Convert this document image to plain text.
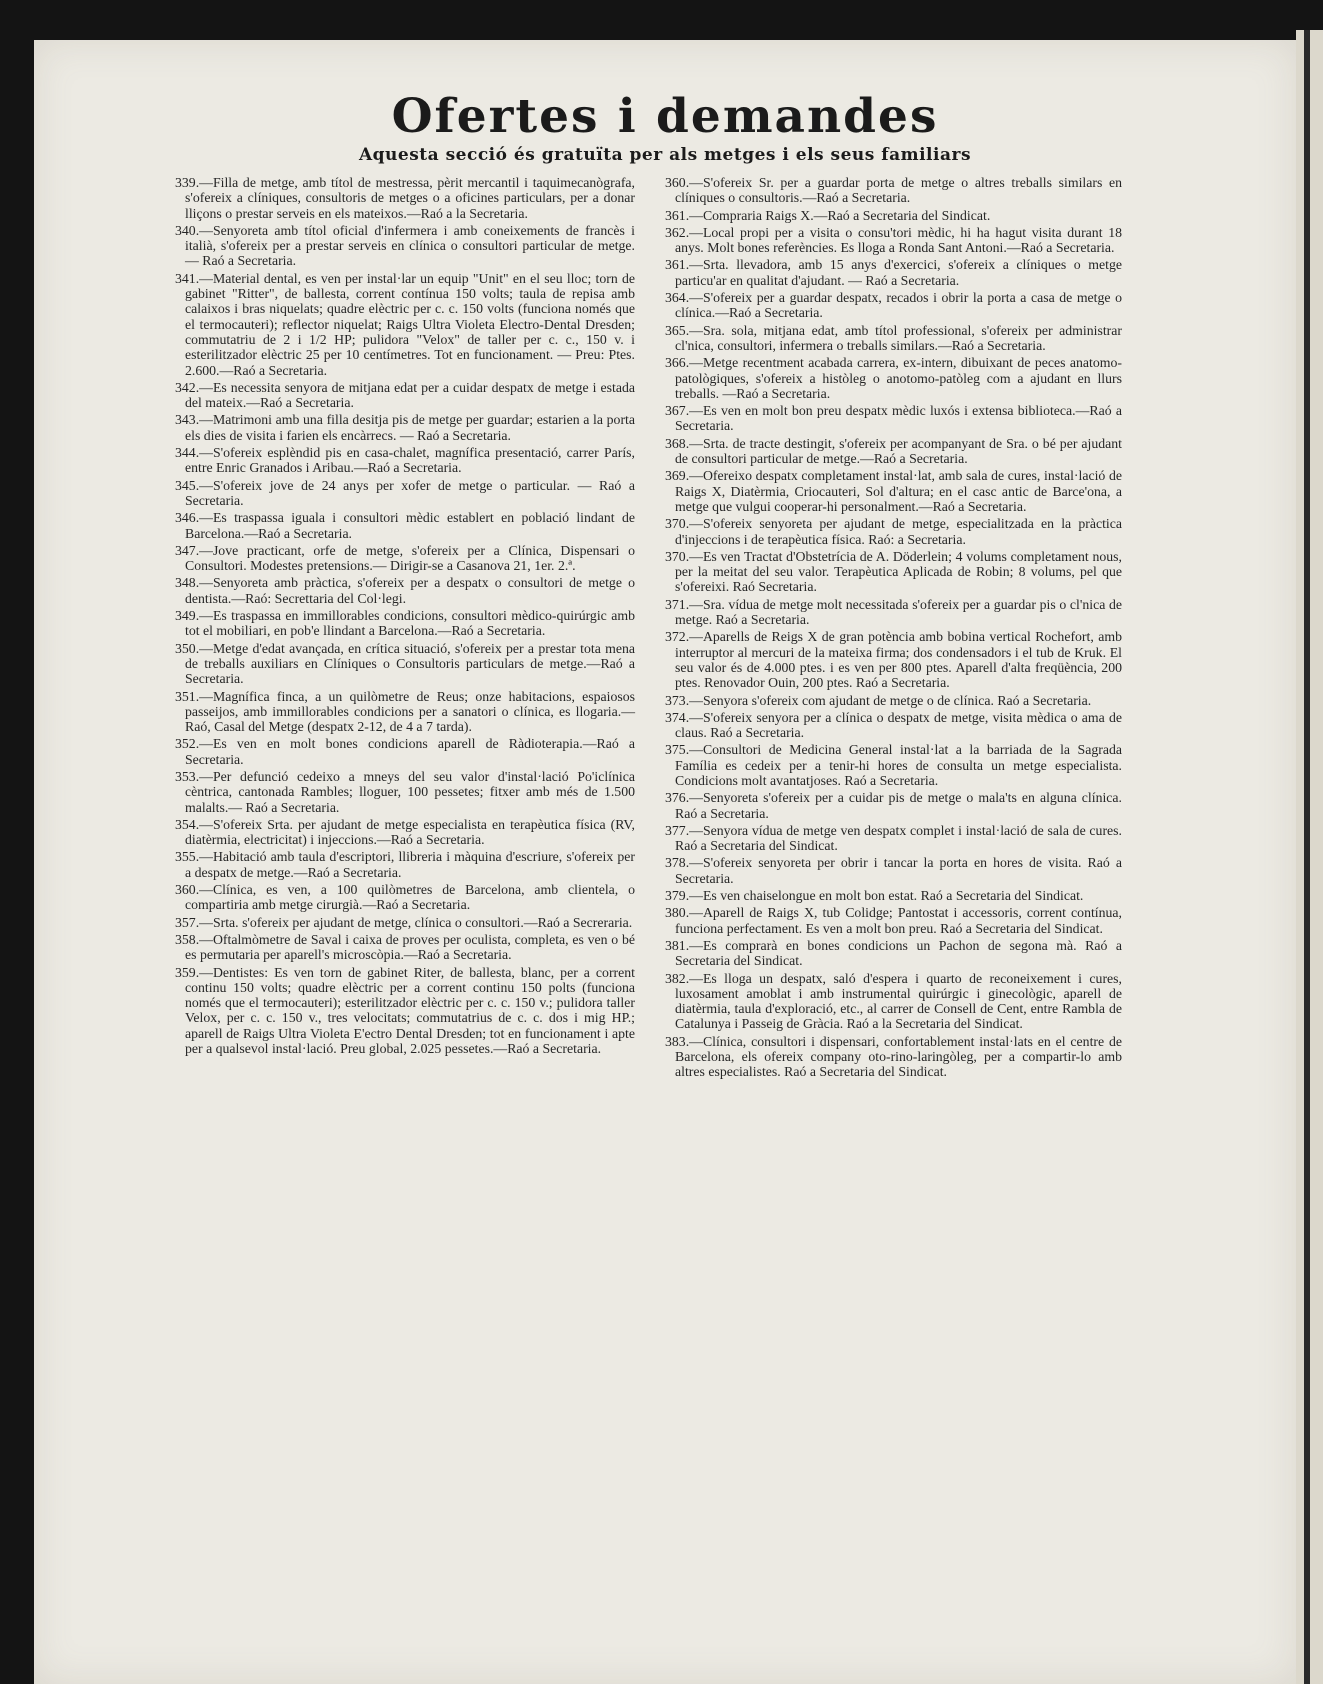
Ofertes i demandes
Aquesta secció és gratuïta per als metges i els seus familiars

339.—Filla de metge, amb títol de mestressa, pèrit mercantil i taquimecanògrafa, s'ofereix a clíniques, consultoris de metges o a oficines particulars, per a donar lliçons o prestar serveis en els mateixos.—Raó a la Secretaria.

340.—Senyoreta amb títol oficial d'infermera i amb coneixements de francès i italià, s'ofereix per a prestar serveis en clínica o consultori particular de metge. — Raó a Secretaria.

341.—Material dental, es ven per instal·lar un equip "Unit" en el seu lloc; torn de gabinet "Ritter", de ballesta, corrent contínua 150 volts; taula de repisa amb calaixos i bras niquelats; quadre elèctric per c. c. 150 volts (funciona només que el termocauteri); reflector niquelat; Raigs Ultra Violeta Electro-Dental Dresden; commutatriu de 2 i 1/2 HP; pulidora "Velox" de taller per c. c., 150 v. i esterilitzador elèctric 25 per 10 centímetres. Tot en funcionament. — Preu: Ptes. 2.600.—Raó a Secretaria.

342.—Es necessita senyora de mitjana edat per a cuidar despatx de metge i estada del mateix.—Raó a Secretaria.

343.—Matrimoni amb una filla desitja pis de metge per guardar; estarien a la porta els dies de visita i farien els encàrrecs. — Raó a Secretaria.

344.—S'ofereix esplèndid pis en casa-chalet, magnífica presentació, carrer París, entre Enric Granados i Aribau.—Raó a Secretaria.

345.—S'ofereix jove de 24 anys per xofer de metge o particular. — Raó a Secretaria.

346.—Es traspassa iguala i consultori mèdic establert en població lindant de Barcelona.—Raó a Secretaria.

347.—Jove practicant, orfe de metge, s'ofereix per a Clínica, Dispensari o Consultori. Modestes pretensions.— Dirigir-se a Casanova 21, 1er. 2.ª.

348.—Senyoreta amb pràctica, s'ofereix per a despatx o consultori de metge o dentista.—Raó: Secrettaria del Col·legi.

349.—Es traspassa en immillorables condicions, consultori mèdico-quirúrgic amb tot el mobiliari, en pob'e llindant a Barcelona.—Raó a Secretaria.

350.—Metge d'edat avançada, en crítica situació, s'ofereix per a prestar tota mena de treballs auxiliars en Clíniques o Consultoris particulars de metge.—Raó a Secretaria.

351.—Magnífica finca, a un quilòmetre de Reus; onze habitacions, espaiosos passeijos, amb immillorables condicions per a sanatori o clínica, es llogaria.—Raó, Casal del Metge (despatx 2-12, de 4 a 7 tarda).

352.—Es ven en molt bones condicions aparell de Ràdioterapia.—Raó a Secretaria.

353.—Per defunció cedeixo a mneys del seu valor d'instal·lació Po'iclínica cèntrica, cantonada Rambles; lloguer, 100 pessetes; fitxer amb més de 1.500 malalts.— Raó a Secretaria.

354.—S'ofereix Srta. per ajudant de metge especialista en terapèutica física (RV, diatèrmia, electricitat) i injeccions.—Raó a Secretaria.

355.—Habitació amb taula d'escriptori, llibreria i màquina d'escriure, s'ofereix per a despatx de metge.—Raó a Secretaria.

360.—Clínica, es ven, a 100 quilòmetres de Barcelona, amb clientela, o compartiria amb metge cirurgià.—Raó a Secretaria.

357.—Srta. s'ofereix per ajudant de metge, clínica o consultori.—Raó a Secreraria.

358.—Oftalmòmetre de Saval i caixa de proves per oculista, completa, es ven o bé es permutaria per aparell's microscòpia.—Raó a Secretaria.

359.—Dentistes: Es ven torn de gabinet Riter, de ballesta, blanc, per a corrent continu 150 volts; quadre elèctric per a corrent continu 150 polts (funciona només que el termocauteri); esterilitzador elèctric per c. c. 150 v.; pulidora taller Velox, per c. c. 150 v., tres velocitats; commutatrius de c. c. dos i mig HP.; aparell de Raigs Ultra Violeta E'ectro Dental Dresden; tot en funcionament i apte per a qualsevol instal·lació. Preu global, 2.025 pessetes.—Raó a Secretaria.

360.—S'ofereix Sr. per a guardar porta de metge o altres treballs similars en clíniques o consultoris.—Raó a Secretaria.

361.—Compraria Raigs X.—Raó a Secretaria del Sindicat.

362.—Local propi per a visita o consu'tori mèdic, hi ha hagut visita durant 18 anys. Molt bones referències. Es lloga a Ronda Sant Antoni.—Raó a Secretaria.

361.—Srta. llevadora, amb 15 anys d'exercici, s'ofereix a clíniques o metge particu'ar en qualitat d'ajudant. — Raó a Secretaria.

364.—S'ofereix per a guardar despatx, recados i obrir la porta a casa de metge o clínica.—Raó a Secretaria.

365.—Sra. sola, mitjana edat, amb títol professional, s'ofereix per administrar cl'nica, consultori, infermera o treballs similars.—Raó a Secretaria.

366.—Metge recentment acabada carrera, ex-intern, dibuixant de peces anatomo-patològiques, s'ofereix a històleg o anotomo-patòleg com a ajudant en llurs treballs. —Raó a Secretaria.

367.—Es ven en molt bon preu despatx mèdic luxós i extensa biblioteca.—Raó a Secretaria.

368.—Srta. de tracte destingit, s'ofereix per acompanyant de Sra. o bé per ajudant de consultori particular de metge.—Raó a Secretaria.

369.—Ofereixo despatx completament instal·lat, amb sala de cures, instal·lació de Raigs X, Diatèrmia, Criocauteri, Sol d'altura; en el casc antic de Barce'ona, a metge que vulgui cooperar-hi personalment.—Raó a Secretaria.

370.—S'ofereix senyoreta per ajudant de metge, especialitzada en la pràctica d'injeccions i de terapèutica física. Raó: a Secretaria.

370.—Es ven Tractat d'Obstetrícia de A. Döderlein; 4 volums completament nous, per la meitat del seu valor. Terapèutica Aplicada de Robin; 8 volums, pel que s'ofereixi. Raó Secretaria.

371.—Sra. vídua de metge molt necessitada s'ofereix per a guardar pis o cl'nica de metge. Raó a Secretaria.

372.—Aparells de Reigs X de gran potència amb bobina vertical Rochefort, amb interruptor al mercuri de la mateixa firma; dos condensadors i el tub de Kruk. El seu valor és de 4.000 ptes. i es ven per 800 ptes. Aparell d'alta freqüència, 200 ptes. Renovador Ouin, 200 ptes. Raó a Secretaria.

373.—Senyora s'ofereix com ajudant de metge o de clínica. Raó a Secretaria.

374.—S'ofereix senyora per a clínica o despatx de metge, visita mèdica o ama de claus. Raó a Secretaria.

375.—Consultori de Medicina General instal·lat a la barriada de la Sagrada Família es cedeix per a tenir-hi hores de consulta un metge especialista. Condicions molt avantatjoses. Raó a Secretaria.

376.—Senyoreta s'ofereix per a cuidar pis de metge o mala'ts en alguna clínica. Raó a Secretaria.

377.—Senyora vídua de metge ven despatx complet i instal·lació de sala de cures. Raó a Secretaria del Sindicat.

378.—S'ofereix senyoreta per obrir i tancar la porta en hores de visita. Raó a Secretaria.

379.—Es ven chaiselongue en molt bon estat. Raó a Secretaria del Sindicat.

380.—Aparell de Raigs X, tub Colidge; Pantostat i accessoris, corrent contínua, funciona perfectament. Es ven a molt bon preu. Raó a Secretaria del Sindicat.

381.—Es comprarà en bones condicions un Pachon de segona mà. Raó a Secretaria del Sindicat.

382.—Es lloga un despatx, saló d'espera i quarto de reconeixement i cures, luxosament amoblat i amb instrumental quirúrgic i ginecològic, aparell de diatèrmia, taula d'exploració, etc., al carrer de Consell de Cent, entre Rambla de Catalunya i Passeig de Gràcia. Raó a la Secretaria del Sindicat.

383.—Clínica, consultori i dispensari, confortablement instal·lats en el centre de Barcelona, els ofereix company oto-rino-laringòleg, per a compartir-lo amb altres especialistes. Raó a Secretaria del Sindicat.
